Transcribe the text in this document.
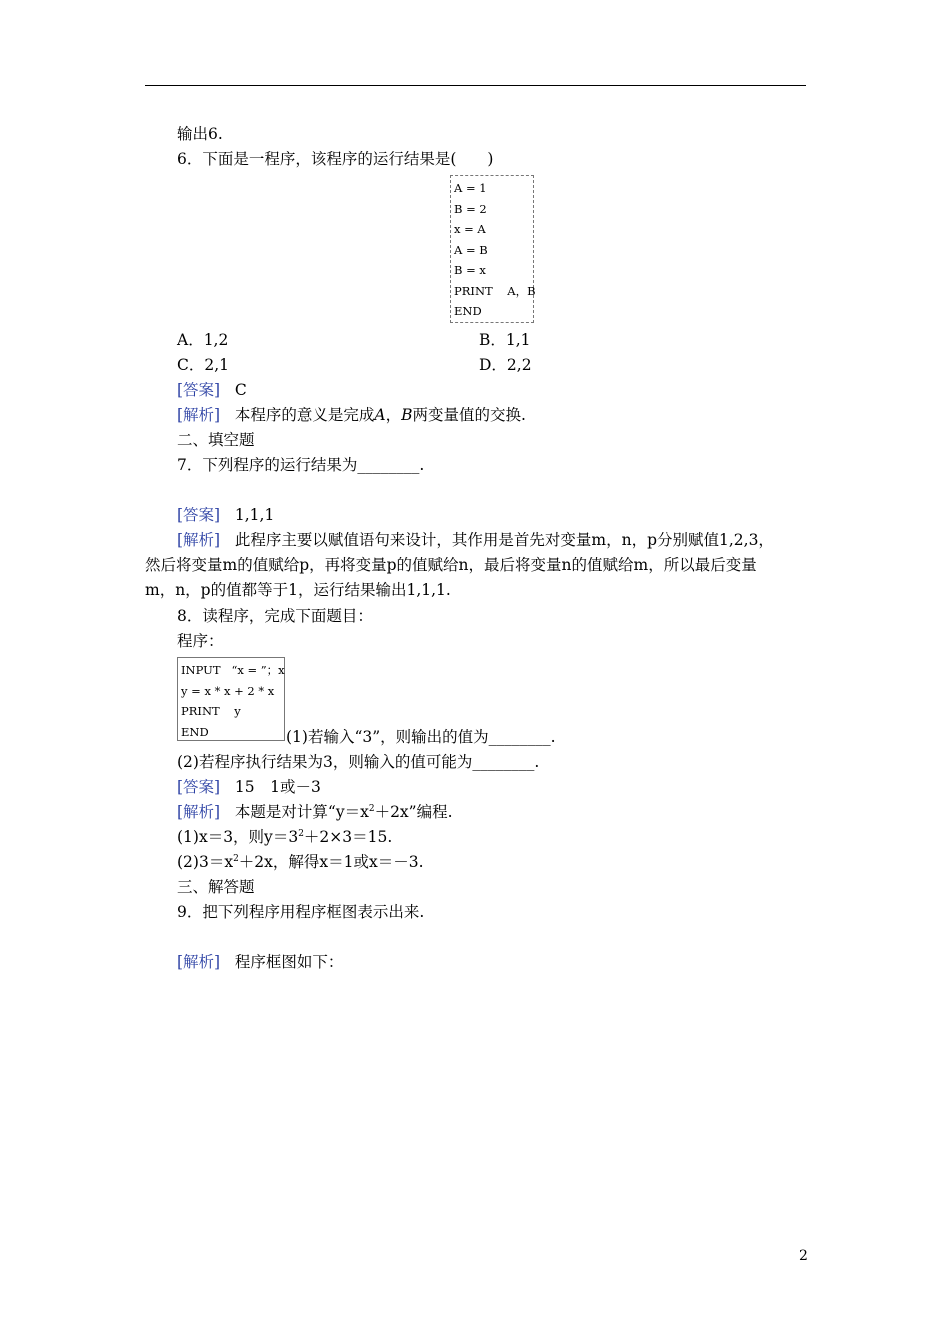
输出6.
6．下面是一程序，该程序的运行结果是(　　)
A = 1
B = 2
x = A
A = B
B = x
PRINT    A，B
END
A．1,2	B．1,1
C．2,1	D．2,2
[答案] C
[解析] 本程序的意义是完成A，B两变量值的交换.
二、填空题
7．下列程序的运行结果为________.
[答案] 1,1,1
[解析] 此程序主要以赋值语句来设计，其作用是首先对变量m，n，p分别赋值1,2,3，
然后将变量m的值赋给p，再将变量p的值赋给n，最后将变量n的值赋给m，所以最后变量
m，n，p的值都等于1，运行结果输出1,1,1.
8．读程序，完成下面题目：
程序：
INPUT   “x = ”；x
y = x * x + 2 * x
PRINT    y
END	(1)若输入“3”，则输出的值为________.
(2)若程序执行结果为3，则输入的值可能为________.
[答案] 15　1或－3
[解析] 本题是对计算“$y=x^2+2x$”编程.
(1)x＝3，则$y=3^2+2\times 3=15$.
$(2)3=x^2+2x$，解得x＝1或x＝－3.
三、解答题
9．把下列程序用程序框图表示出来.
[解析] 程序框图如下：
2
